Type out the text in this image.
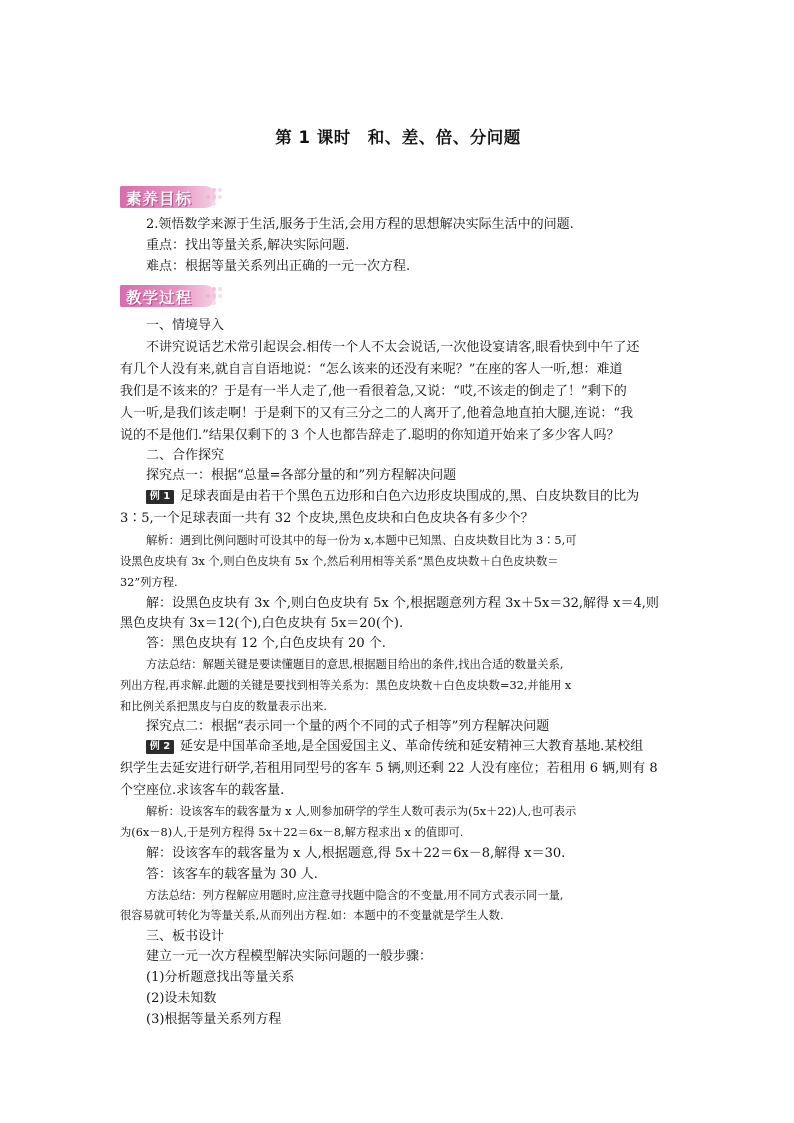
第 1 课时　和、差、倍、分问题
素养目标
2.领悟数学来源于生活,服务于生活,会用方程的思想解决实际生活中的问题.
重点：找出等量关系,解决实际问题.
难点：根据等量关系列出正确的一元一次方程.
教学过程
一、情境导入
不讲究说话艺术常引起误会.相传一个人不太会说话,一次他设宴请客,眼看快到中午了还
有几个人没有来,就自言自语地说：“怎么该来的还没有来呢？”在座的客人一听,想：难道
我们是不该来的？于是有一半人走了,他一看很着急,又说：“哎,不该走的倒走了！”剩下的
人一听,是我们该走啊！于是剩下的又有三分之二的人离开了,他着急地直拍大腿,连说：“我
说的不是他们.”结果仅剩下的 3 个人也都告辞走了.聪明的你知道开始来了多少客人吗？
二、合作探究
探究点一：根据“总量=各部分量的和”列方程解决问题
例 1 足球表面是由若干个黑色五边形和白色六边形皮块围成的,黑、白皮块数目的比为
3∶5,一个足球表面一共有 32 个皮块,黑色皮块和白色皮块各有多少个？
解析：遇到比例问题时可设其中的每一份为 x,本题中已知黑、白皮块数目比为 3∶5,可
设黑色皮块有 3x 个,则白色皮块有 5x 个,然后利用相等关系“黑色皮块数＋白色皮块数＝
32”列方程.
解：设黑色皮块有 3x 个,则白色皮块有 5x 个,根据题意列方程 3x＋5x＝32,解得 x＝4,则
黑色皮块有 3x＝12(个),白色皮块有 5x＝20(个).
答：黑色皮块有 12 个,白色皮块有 20 个.
方法总结：解题关键是要读懂题目的意思,根据题目给出的条件,找出合适的数量关系,
列出方程,再求解.此题的关键是要找到相等关系为：黑色皮块数＋白色皮块数=32,并能用 x
和比例关系把黑皮与白皮的数量表示出来.
探究点二：根据“表示同一个量的两个不同的式子相等”列方程解决问题
例 2 延安是中国革命圣地,是全国爱国主义、革命传统和延安精神三大教育基地.某校组
织学生去延安进行研学,若租用同型号的客车 5 辆,则还剩 22 人没有座位；若租用 6 辆,则有 8
个空座位.求该客车的载客量.
解析：设该客车的载客量为 x 人,则参加研学的学生人数可表示为(5x＋22)人,也可表示
为(6x－8)人,于是列方程得 5x＋22＝6x－8,解方程求出 x 的值即可.
解：设该客车的载客量为 x 人,根据题意,得 5x＋22＝6x－8,解得 x＝30.
答：该客车的载客量为 30 人.
方法总结：列方程解应用题时,应注意寻找题中隐含的不变量,用不同方式表示同一量,
很容易就可转化为等量关系,从而列出方程.如：本题中的不变量就是学生人数.
三、板书设计
建立一元一次方程模型解决实际问题的一般步骤：
(1)分析题意找出等量关系
(2)设未知数
(3)根据等量关系列方程
